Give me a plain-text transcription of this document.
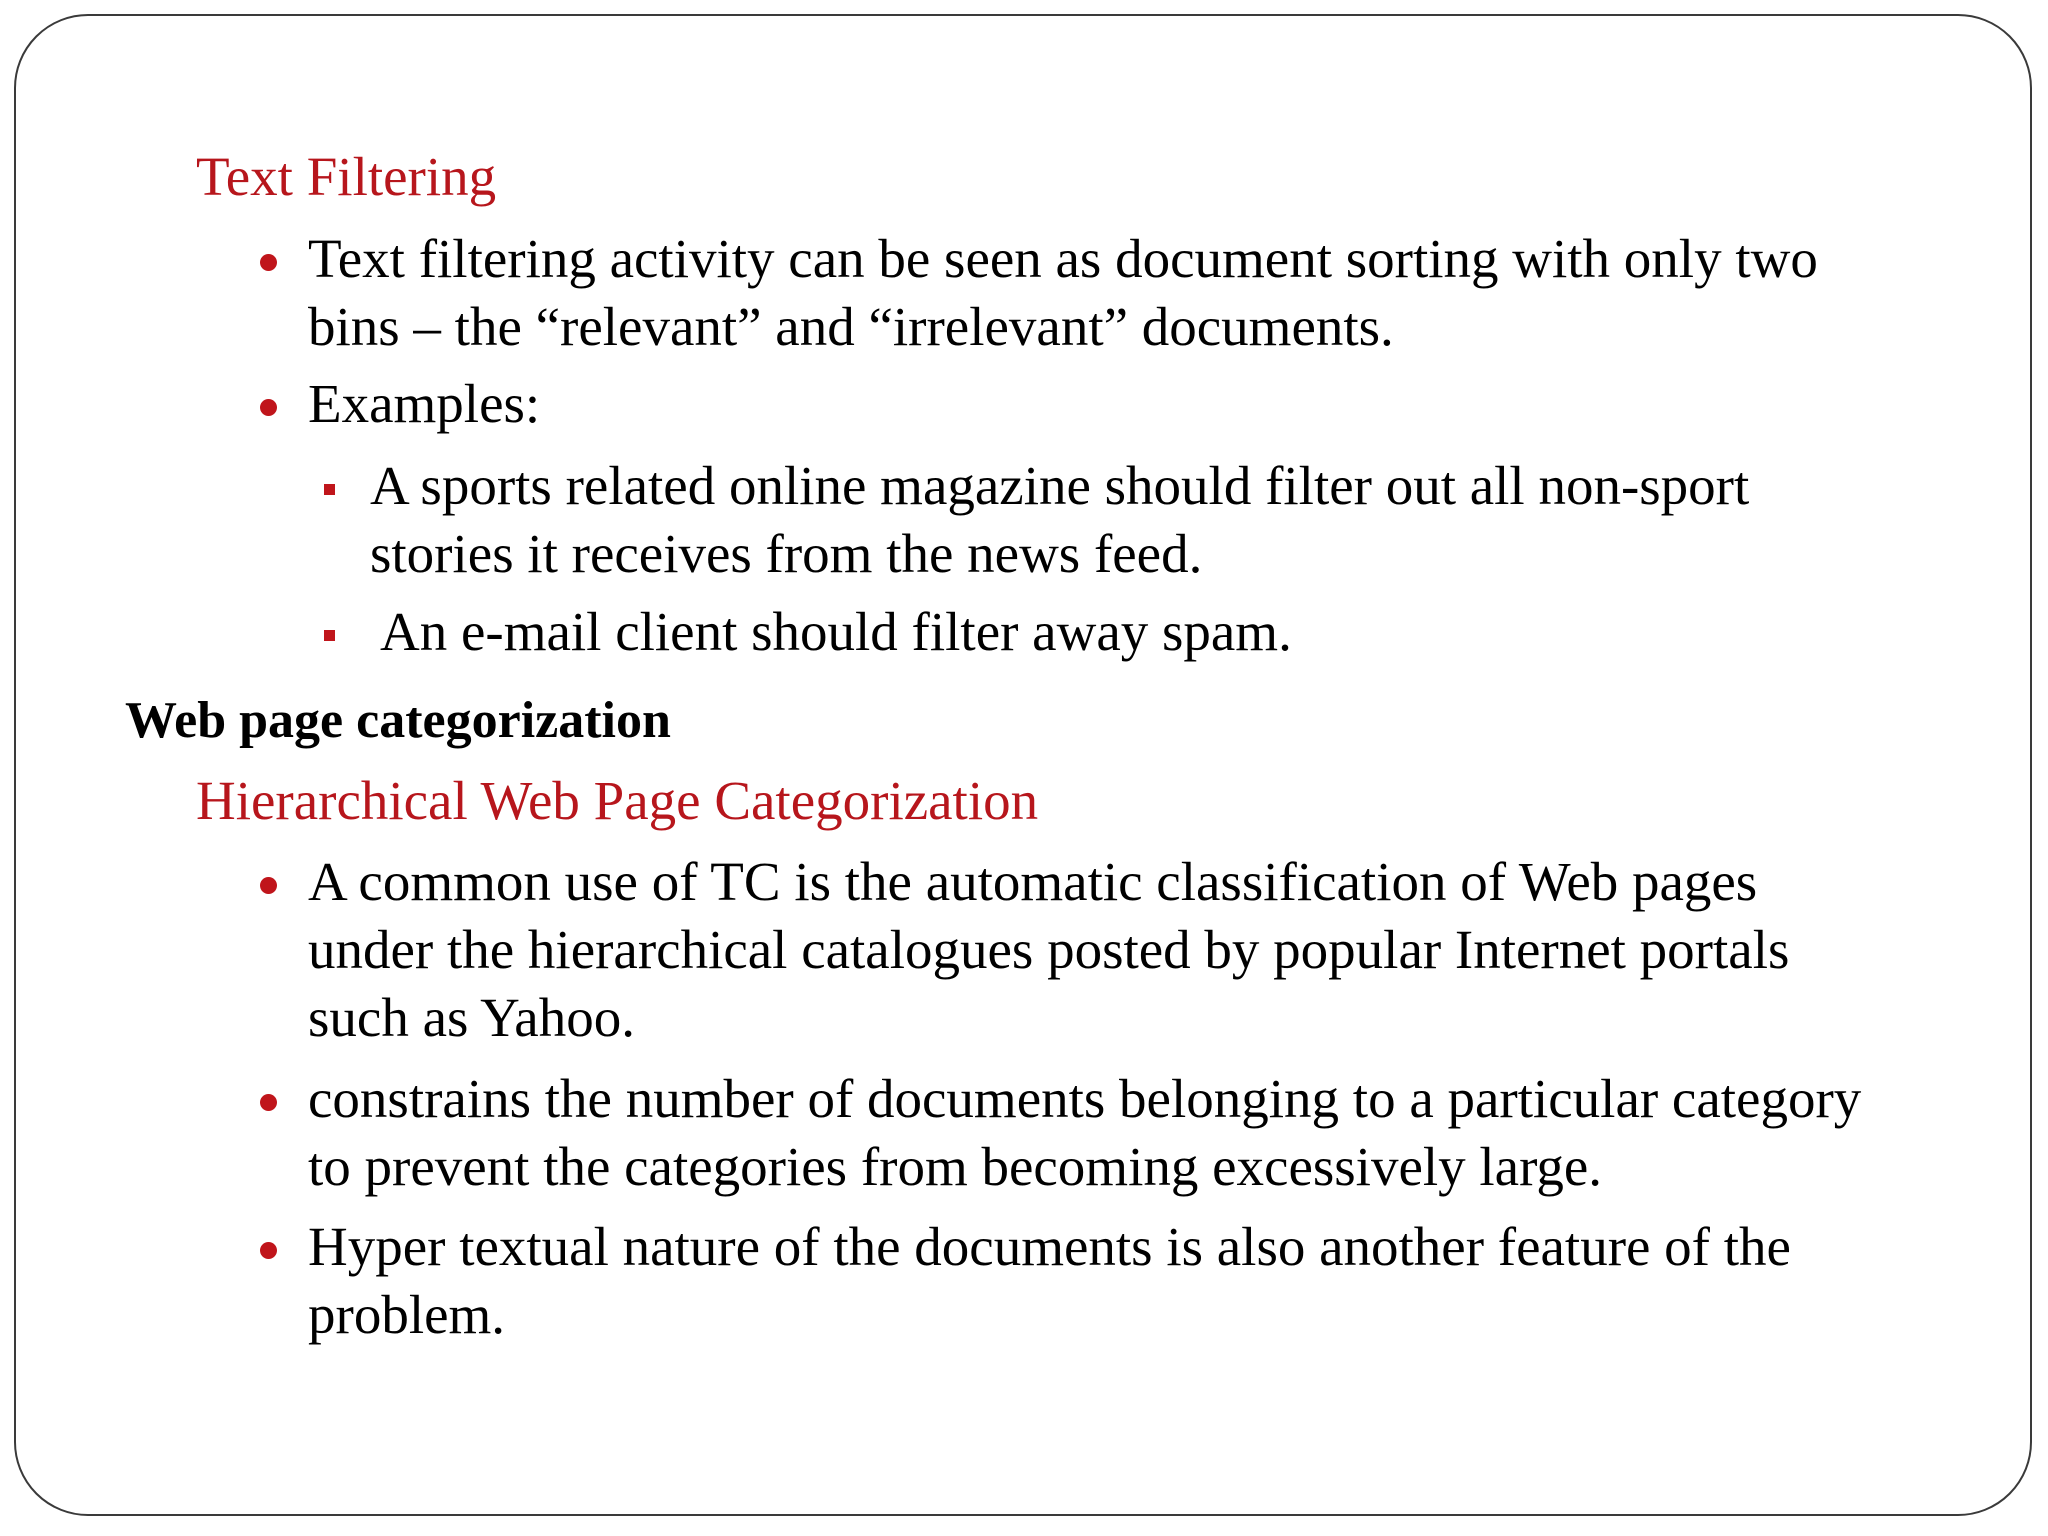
Text Filtering
Text filtering activity can be seen as document sorting with only two
bins – the “relevant” and “irrelevant” documents.
Examples:
A sports related online magazine should filter out all non-sport
stories it receives from the news feed.
An e-mail client should filter away spam.
Web page categorization
Hierarchical Web Page Categorization
A common use of TC is the automatic classification of Web pages
under the hierarchical catalogues posted by popular Internet portals
such as Yahoo.
constrains the number of documents belonging to a particular category
to prevent the categories from becoming excessively large.
Hyper textual nature of the documents is also another feature of the
problem.
